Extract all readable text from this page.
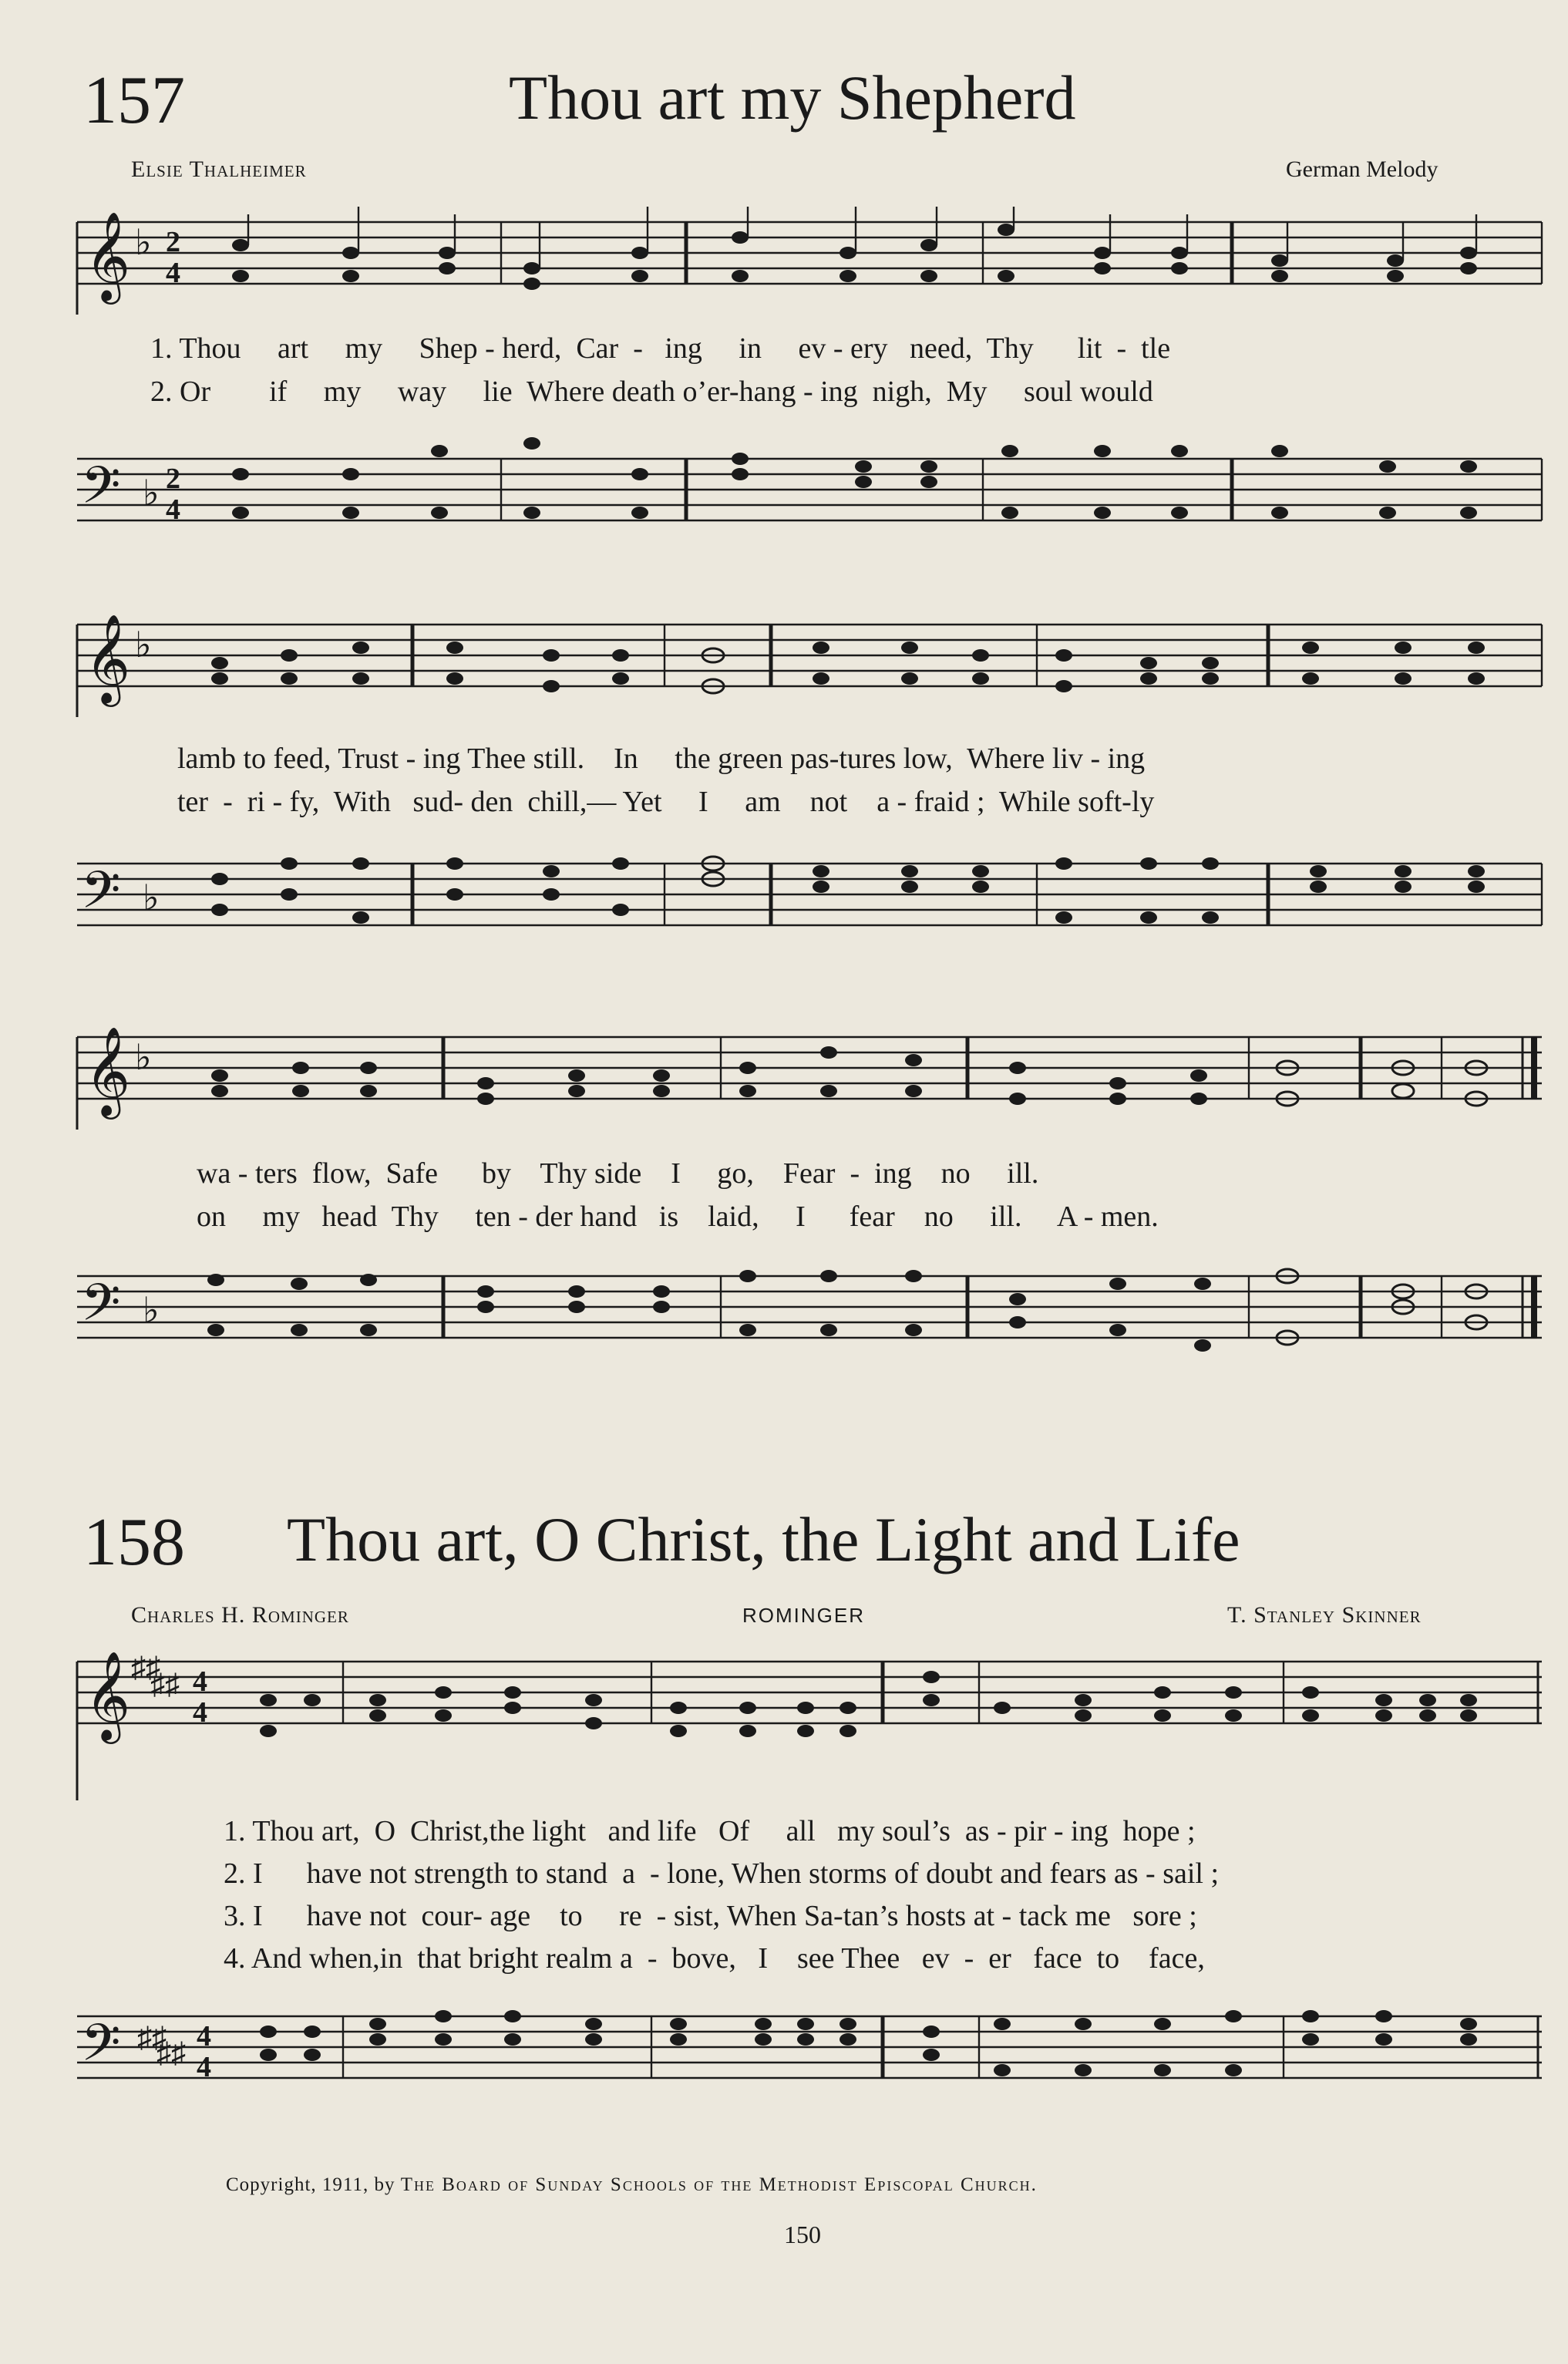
157	Thou art my Shepherd
Elsie Thalheimer	German Melody
𝄞 ♭ 2
4
1. Thou     art     my     Shep - herd,  Car  -   ing     in     ev - ery   need,  Thy      lit  -  tle
2. Or        if     my     way     lie  Where death o’er-hang - ing  nigh,  My     soul would
𝄢 ♭ 2
4
𝄞 ♭
lamb to feed, Trust - ing Thee still.    In     the green pas-tures low,  Where liv - ing
ter  -  ri - fy,  With   sud- den  chill,— Yet     I     am    not    a - fraid ;  While soft-ly
𝄢 ♭
𝄞 ♭
wa - ters  flow,  Safe      by    Thy side    I     go,    Fear  -  ing    no     ill.
on     my   head  Thy     ten - der hand   is    laid,     I      fear    no     ill.     A - men.
𝄢 ♭
158 Thou art, O Christ, the Light and Life
Charles H. Rominger	ROMINGER	T. Stanley Skinner
𝄞 ♯♯
♯♯ 4
4
1. Thou art,  O  Christ,the light   and life   Of     all   my soul’s  as - pir - ing  hope ;
2. I      have not strength to stand  a  - lone, When storms of doubt and fears as - sail ;
3. I      have not  cour- age    to     re  - sist, When Sa-tan’s hosts at - tack me   sore ;
4. And when,in  that bright realm a  -  bove,   I    see Thee   ev  -  er   face  to    face,
𝄢 ♯♯
♯♯
4
4
Copyright, 1911, by The Board of Sunday Schools of the Methodist Episcopal Church.
150
